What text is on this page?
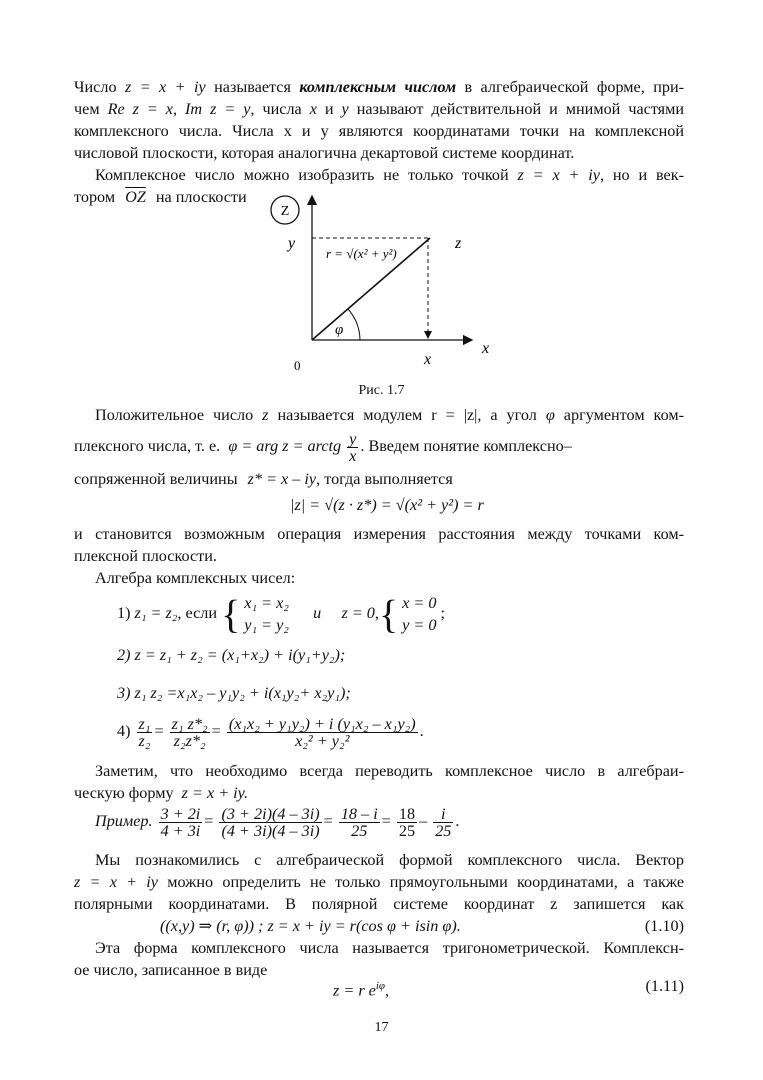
Число z = x + iy называется комплексным числом в алгебраической форме, при-
чем Re z = x, Im z = y, числа x и y называют действительной и мнимой частями
комплексного числа. Числа x и y являются координатами точки на комплексной
числовой плоскости, которая аналогична декартовой системе координат.
Комплексное число можно изобразить не только точкой z = x + iy, но и век-
тором $\overline{OZ}$ на плоскости
Z
φ
y	z
x
x
0
r = √(x² + y²)
Рис. 1.7
Положительное число z называется модулем r = |z|, а угол φ аргументом ком-
плексного числа, т. е. φ = arg z = arctg $\frac{y}{x}$ . Введем понятие комплексно–
сопряженной величины z* = x – iy, тогда выполняется
|z| = √(z · z*) = √(x² + y²) = r
и становится возможным операция измерения расстояния между точками ком-
плексной плоскости.
Алгебра комплексных чисел:
1) z₁ = z₂, если { x₁ = x₂
y₁ = y₂
и z = 0,{ x = 0
y = 0
;
2) z = z₁ + z₂ = (x₁+x₂) + i(y₁+y₂);
3) z₁ z₂ =x₁x₂ – y₁y₂ + i(x₁y₂+ x₂y₁);
$4) \frac{\text{z₁}}{\text{z₂}} = \frac{\text{z₁ z*₂}}{\text{z₂z*₂}} = \frac{\text{(x₁x₂ + y₁y₂) + i (y₁x₂ – x₁y₂)}}{\text{x₂² + y₂²}}$ .
Заметим, что необходимо всегда переводить комплексное число в алгебраи-
ческую форму z = x + iy.
Пример. $\frac{3 + 2i}{4 + 3i} = \frac{(3 + 2i)(4 - 3i)}{(4 + 3i)(4 - 3i)} = \frac{18 - i}{25} = \frac{18}{25} - \frac{i}{25}$ .
Мы познакомились с алгебраической формой комплексного числа. Вектор
z = x + iy можно определить не только прямоугольными координатами, а также
полярными координатами. В полярной системе координат z запишется как
((x,y) ⇒ (r, φ)) ; z = x + iy = r(cos φ + isin φ).	(1.10)
Эта форма комплексного числа называется тригонометрической. Комплексн-
ое число, записанное в виде
z = r $e^{i\varphi}$,	(1.11)
17
